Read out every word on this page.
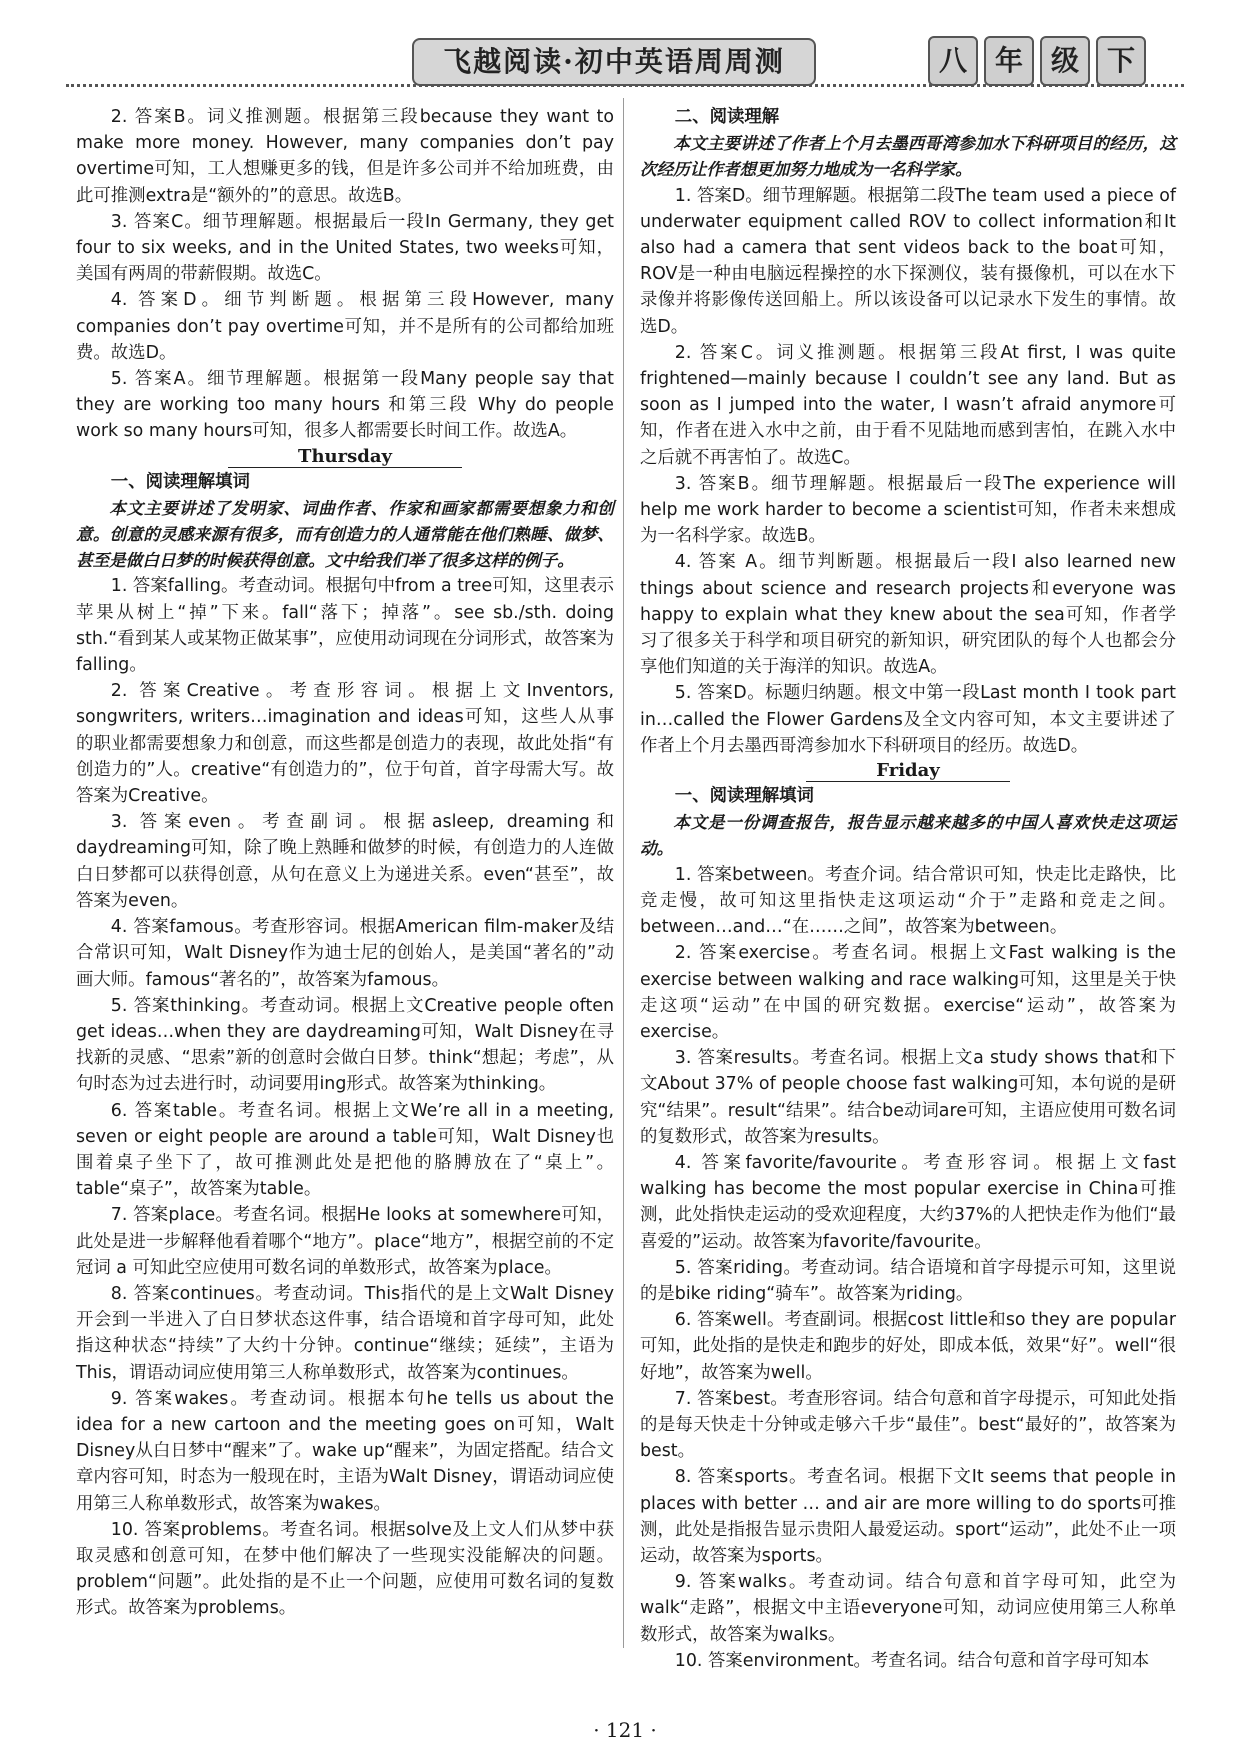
飞越阅读·初中英语周周测	八 年 级 下

2. 答案B。词义推测题。根据第三段because they want to make more money. However, many companies don’t pay overtime可知，工人想赚更多的钱，但是许多公司并不给加班费，由此可推测extra是“额外的”的意思。故选B。

3. 答案C。细节理解题。根据最后一段In Germany, they get four to six weeks, and in the United States, two weeks可知，美国有两周的带薪假期。故选C。

4. 答案D。细节判断题。根据第三段However, many companies don’t pay overtime可知，并不是所有的公司都给加班费。故选D。

5. 答案A。细节理解题。根据第一段Many people say that they are working too many hours 和第三段 Why do people work so many hours可知，很多人都需要长时间工作。故选A。

Thursday

一、阅读理解填词

本文主要讲述了发明家、词曲作者、作家和画家都需要想象力和创意。创意的灵感来源有很多，而有创造力的人通常能在他们熟睡、做梦、甚至是做白日梦的时候获得创意。文中给我们举了很多这样的例子。

1. 答案falling。考查动词。根据句中from a tree可知，这里表示苹果从树上“掉”下来。fall“落下；掉落”。see sb./sth. doing sth.“看到某人或某物正做某事”，应使用动词现在分词形式，故答案为falling。

2. 答案Creative。考查形容词。根据上文Inventors, songwriters, writers…imagination and ideas可知，这些人从事的职业都需要想象力和创意，而这些都是创造力的表现，故此处指“有创造力的”人。creative“有创造力的”，位于句首，首字母需大写。故答案为Creative。

3. 答案even。考查副词。根据asleep, dreaming和daydreaming可知，除了晚上熟睡和做梦的时候，有创造力的人连做白日梦都可以获得创意，从句在意义上为递进关系。even“甚至”，故答案为even。

4. 答案famous。考查形容词。根据American film-maker及结合常识可知，Walt Disney作为迪士尼的创始人，是美国“著名的”动画大师。famous“著名的”，故答案为famous。

5. 答案thinking。考查动词。根据上文Creative people often get ideas…when they are daydreaming可知，Walt Disney在寻找新的灵感、“思索”新的创意时会做白日梦。think“想起；考虑”，从句时态为过去进行时，动词要用ing形式。故答案为thinking。

6. 答案table。考查名词。根据上文We’re all in a meeting, seven or eight people are around a table可知，Walt Disney也围着桌子坐下了，故可推测此处是把他的胳膊放在了“桌上”。table“桌子”，故答案为table。

7. 答案place。考查名词。根据He looks at somewhere可知，此处是进一步解释他看着哪个“地方”。place“地方”，根据空前的不定冠词 a 可知此空应使用可数名词的单数形式，故答案为place。

8. 答案continues。考查动词。This指代的是上文Walt Disney开会到一半进入了白日梦状态这件事，结合语境和首字母可知，此处指这种状态“持续”了大约十分钟。continue“继续；延续”，主语为This，谓语动词应使用第三人称单数形式，故答案为continues。

9. 答案wakes。考查动词。根据本句he tells us about the idea for a new cartoon and the meeting goes on可知，Walt Disney从白日梦中“醒来”了。wake up“醒来”，为固定搭配。结合文章内容可知，时态为一般现在时，主语为Walt Disney，谓语动词应使用第三人称单数形式，故答案为wakes。

10. 答案problems。考查名词。根据solve及上文人们从梦中获取灵感和创意可知，在梦中他们解决了一些现实没能解决的问题。problem“问题”。此处指的是不止一个问题，应使用可数名词的复数形式。故答案为problems。

二、阅读理解

本文主要讲述了作者上个月去墨西哥湾参加水下科研项目的经历，这次经历让作者想更加努力地成为一名科学家。

1. 答案D。细节理解题。根据第二段The team used a piece of underwater equipment called ROV to collect information和It also had a camera that sent videos back to the boat可知，ROV是一种由电脑远程操控的水下探测仪，装有摄像机，可以在水下录像并将影像传送回船上。所以该设备可以记录水下发生的事情。故选D。

2. 答案C。词义推测题。根据第三段At first, I was quite frightened—mainly because I couldn’t see any land. But as soon as I jumped into the water, I wasn’t afraid anymore可知，作者在进入水中之前，由于看不见陆地而感到害怕，在跳入水中之后就不再害怕了。故选C。

3. 答案B。细节理解题。根据最后一段The experience will help me work harder to become a scientist可知，作者未来想成为一名科学家。故选B。

4. 答案 A。细节判断题。根据最后一段I also learned new things about science and research projects和everyone was happy to explain what they knew about the sea可知，作者学习了很多关于科学和项目研究的新知识，研究团队的每个人也都会分享他们知道的关于海洋的知识。故选A。

5. 答案D。标题归纳题。根文中第一段Last month I took part in…called the Flower Gardens及全文内容可知，本文主要讲述了作者上个月去墨西哥湾参加水下科研项目的经历。故选D。

Friday

一、阅读理解填词

本文是一份调查报告，报告显示越来越多的中国人喜欢快走这项运动。

1. 答案between。考查介词。结合常识可知，快走比走路快，比竞走慢，故可知这里指快走这项运动“介于”走路和竞走之间。between…and…“在……之间”，故答案为between。

2. 答案exercise。考查名词。根据上文Fast walking is the exercise between walking and race walking可知，这里是关于快走这项“运动”在中国的研究数据。exercise“运动”，故答案为exercise。

3. 答案results。考查名词。根据上文a study shows that和下文About 37% of people choose fast walking可知，本句说的是研究“结果”。result“结果”。结合be动词are可知，主语应使用可数名词的复数形式，故答案为results。

4. 答案favorite/favourite。考查形容词。根据上文fast walking has become the most popular exercise in China可推测，此处指快走运动的受欢迎程度，大约37%的人把快走作为他们“最喜爱的”运动。故答案为favorite/favourite。

5. 答案riding。考查动词。结合语境和首字母提示可知，这里说的是bike riding“骑车”。故答案为riding。

6. 答案well。考查副词。根据cost little和so they are popular可知，此处指的是快走和跑步的好处，即成本低，效果“好”。well“很好地”，故答案为well。

7. 答案best。考查形容词。结合句意和首字母提示，可知此处指的是每天快走十分钟或走够六千步“最佳”。best“最好的”，故答案为best。

8. 答案sports。考查名词。根据下文It seems that people in places with better … and air are more willing to do sports可推测，此处是指报告显示贵阳人最爱运动。sport“运动”，此处不止一项运动，故答案为sports。

9. 答案walks。考查动词。结合句意和首字母可知，此空为walk“走路”，根据文中主语everyone可知，动词应使用第三人称单数形式，故答案为walks。

10. 答案environment。考查名词。结合句意和首字母可知本

· 121 ·
